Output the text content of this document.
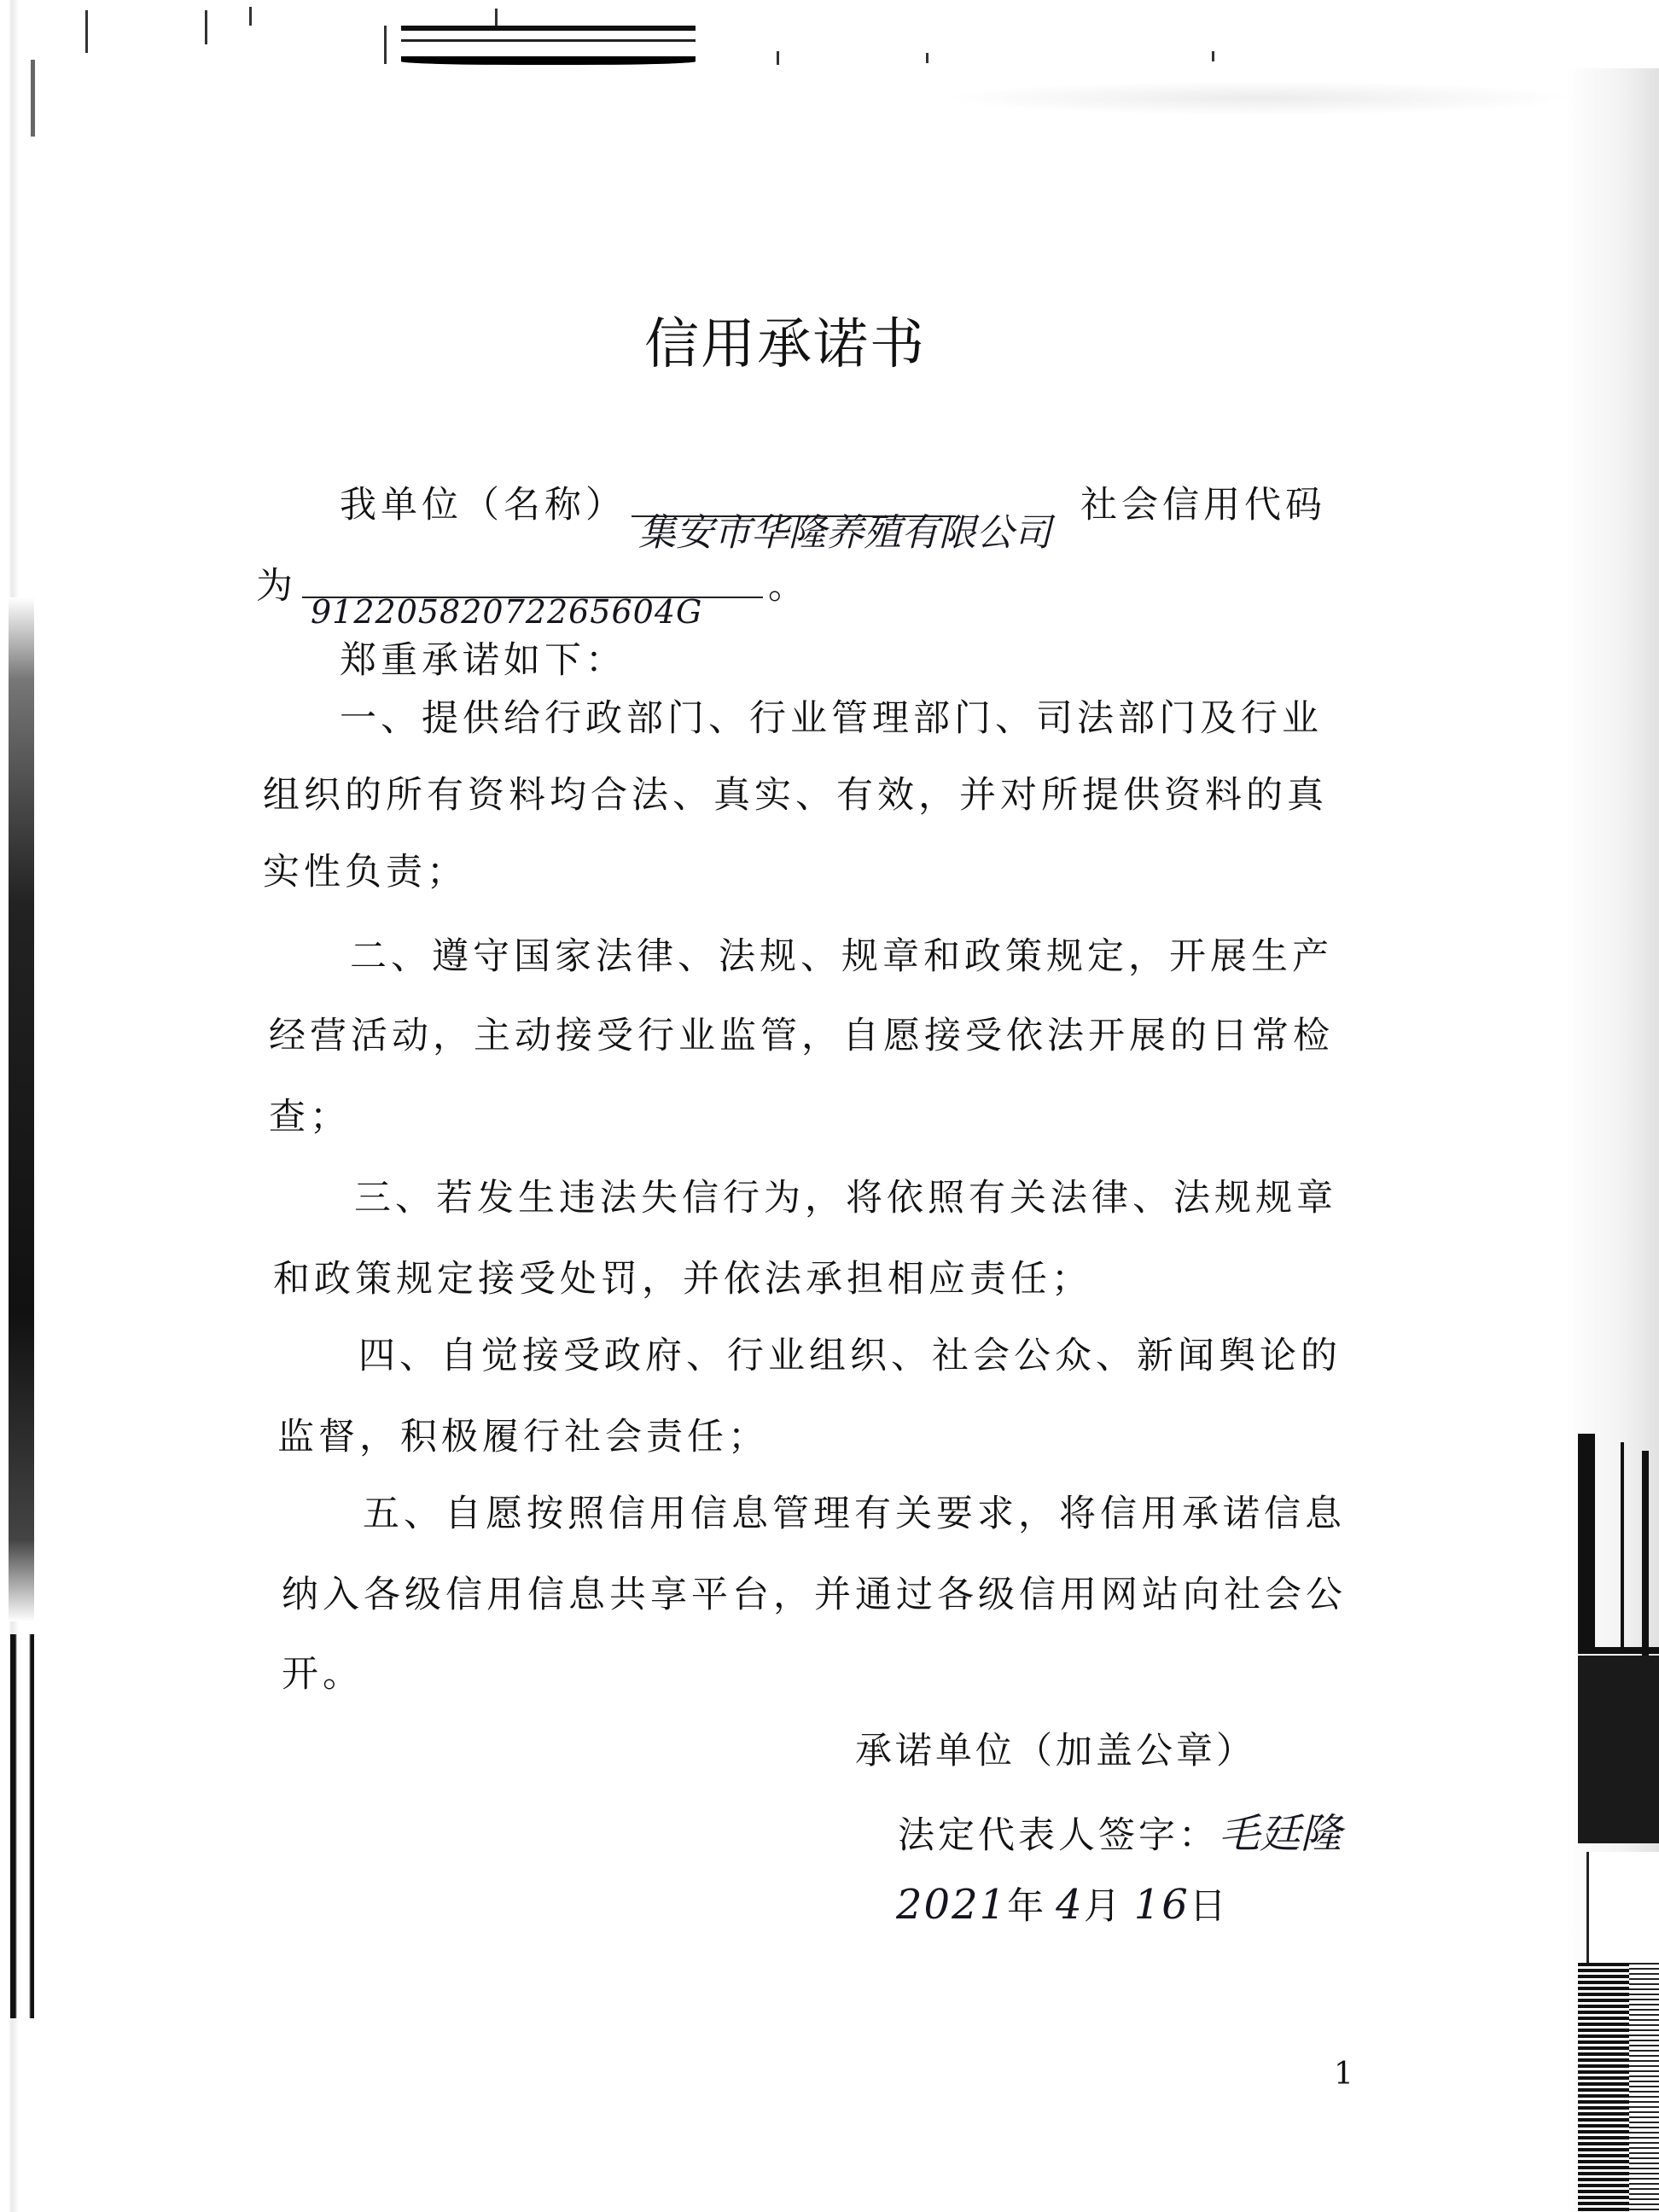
信用承诺书
我单位（名称）
集安市华隆养殖有限公司
社会信用代码
为
91220582072265604G
。
郑重承诺如下：
一、提供给行政部门、行业管理部门、司法部门及行业
组织的所有资料均合法、真实、有效，并对所提供资料的真
实性负责；
二、遵守国家法律、法规、规章和政策规定，开展生产
经营活动，主动接受行业监管，自愿接受依法开展的日常检
查；
三、若发生违法失信行为，将依照有关法律、法规规章
和政策规定接受处罚，并依法承担相应责任；
四、自觉接受政府、行业组织、社会公众、新闻舆论的
监督，积极履行社会责任；
五、自愿按照信用信息管理有关要求，将信用承诺信息
纳入各级信用信息共享平台，并通过各级信用网站向社会公
开。
承诺单位（加盖公章）
法定代表人签字：毛廷隆
2021年 4月 16日
1
